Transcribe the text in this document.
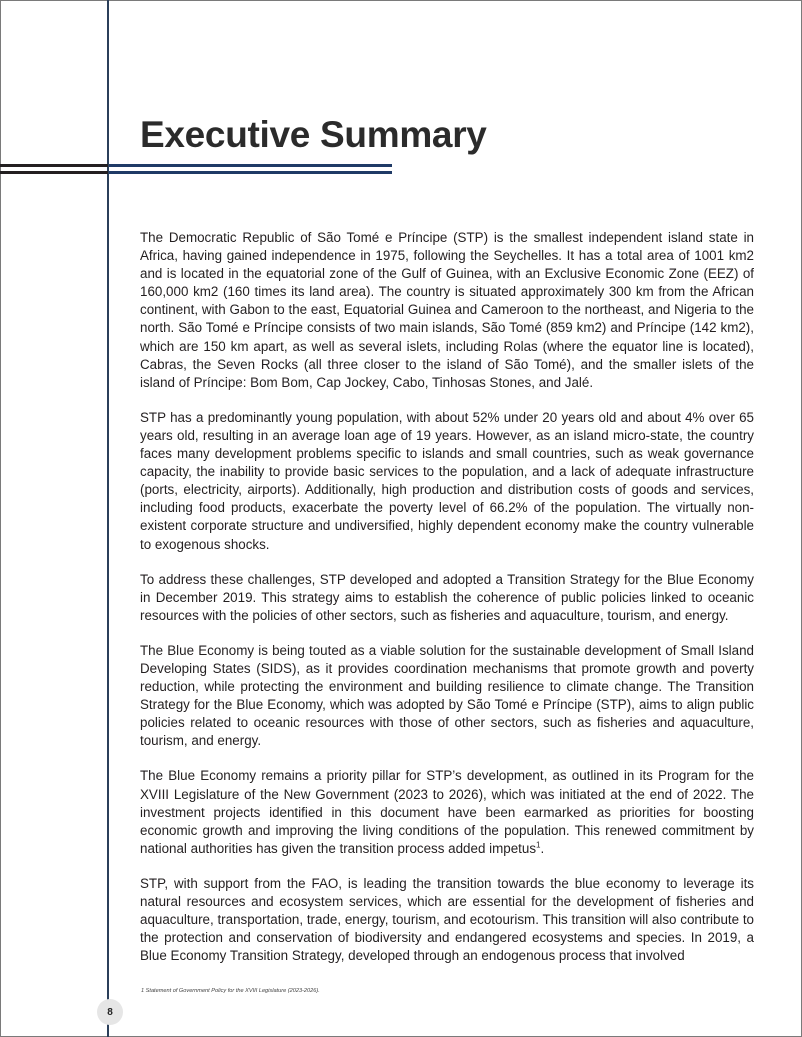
Executive Summary

The Democratic Republic of São Tomé e Príncipe (STP) is the smallest independent island state in Africa, having gained independence in 1975, following the Seychelles. It has a total area of 1001 km2 and is located in the equatorial zone of the Gulf of Guinea, with an Exclusive Economic Zone (EEZ) of 160,000 km2 (160 times its land area). The country is situated approximately 300 km from the African continent, with Gabon to the east, Equatorial Guinea and Cameroon to the northeast, and Nigeria to the north. São Tomé e Príncipe consists of two main islands, São Tomé (859 km2) and Príncipe (142 km2), which are 150 km apart, as well as several islets, including Rolas (where the equator line is located), Cabras, the Seven Rocks (all three closer to the island of São Tomé), and the smaller islets of the island of Príncipe: Bom Bom, Cap Jockey, Cabo, Tinhosas Stones, and Jalé.

STP has a predominantly young population, with about 52% under 20 years old and about 4% over 65 years old, resulting in an average loan age of 19 years. However, as an island micro-state, the country faces many development problems specific to islands and small countries, such as weak governance capacity, the inability to provide basic services to the population, and a lack of adequate infrastructure (ports, electricity, airports). Additionally, high production and distribution costs of goods and services, including food products, exacerbate the poverty level of 66.2% of the population. The virtually non-existent corporate structure and undiversified, highly dependent economy make the country vulnerable to exogenous shocks.

To address these challenges, STP developed and adopted a Transition Strategy for the Blue Economy in December 2019. This strategy aims to establish the coherence of public policies linked to oceanic resources with the policies of other sectors, such as fisheries and aquaculture, tourism, and energy.

The Blue Economy is being touted as a viable solution for the sustainable development of Small Island Developing States (SIDS), as it provides coordination mechanisms that promote growth and poverty reduction, while protecting the environment and building resilience to climate change. The Transition Strategy for the Blue Economy, which was adopted by São Tomé e Príncipe (STP), aims to align public policies related to oceanic resources with those of other sectors, such as fisheries and aquaculture, tourism, and energy.

The Blue Economy remains a priority pillar for STP’s development, as outlined in its Program for the XVIII Legislature of the New Government (2023 to 2026), which was initiated at the end of 2022. The investment projects identified in this document have been earmarked as priorities for boosting economic growth and improving the living conditions of the population. This renewed commitment by national authorities has given the transition process added impetus$^1$.

STP, with support from the FAO, is leading the transition towards the blue economy to leverage its natural resources and ecosystem services, which are essential for the development of fisheries and aquaculture, transportation, trade, energy, tourism, and ecotourism. This transition will also contribute to the protection and conservation of biodiversity and endangered ecosystems and species. In 2019, a Blue Economy Transition Strategy, developed through an endogenous process that involved

1 Statement of Government Policy for the XVIII Legislature (2023-2026).
8
